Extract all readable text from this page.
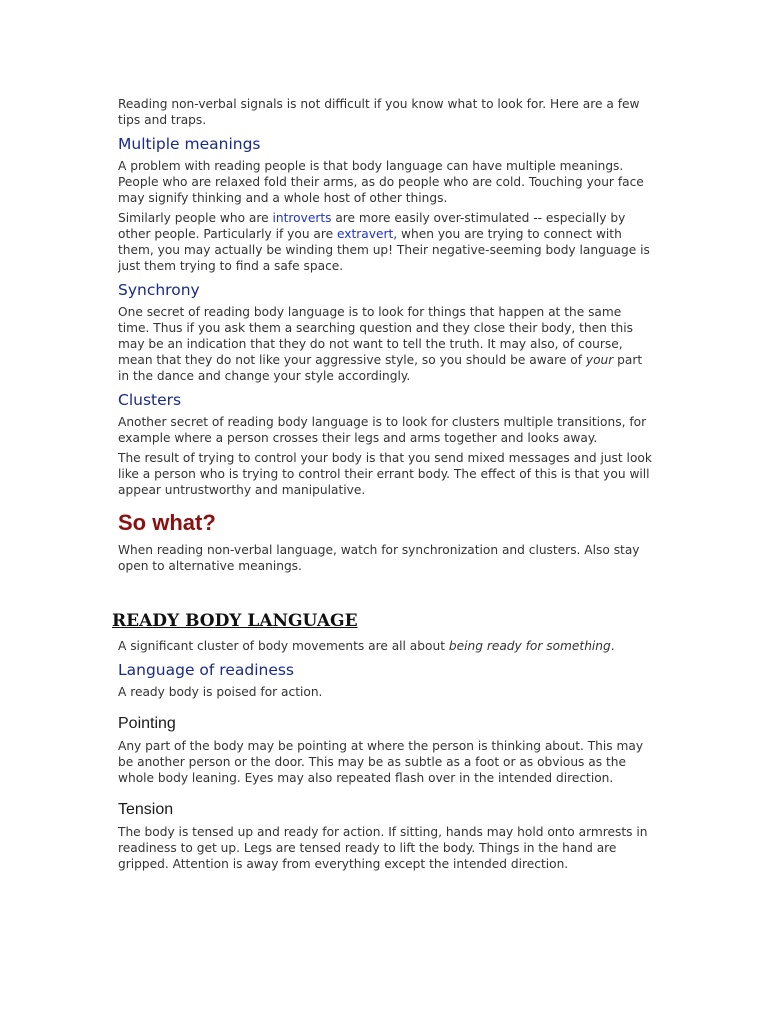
Reading non-verbal signals is not difficult if you know what to look for. Here are a few tips and traps.

Multiple meanings

A problem with reading people is that body language can have multiple meanings. People who are relaxed fold their arms, as do people who are cold. Touching your face may signify thinking and a whole host of other things.

Similarly people who are introverts are more easily over-stimulated -- especially by other people. Particularly if you are extravert, when you are trying to connect with them, you may actually be winding them up! Their negative-seeming body language is just them trying to find a safe space.

Synchrony

One secret of reading body language is to look for things that happen at the same time. Thus if you ask them a searching question and they close their body, then this may be an indication that they do not want to tell the truth. It may also, of course, mean that they do not like your aggressive style, so you should be aware of your part in the dance and change your style accordingly.

Clusters

Another secret of reading body language is to look for clusters multiple transitions, for example where a person crosses their legs and arms together and looks away.

The result of trying to control your body is that you send mixed messages and just look like a person who is trying to control their errant body. The effect of this is that you will appear untrustworthy and manipulative.

So what?

When reading non-verbal language, watch for synchronization and clusters. Also stay open to alternative meanings.

READY BODY LANGUAGE

A significant cluster of body movements are all about being ready for something.

Language of readiness

A ready body is poised for action.

Pointing

Any part of the body may be pointing at where the person is thinking about. This may be another person or the door. This may be as subtle as a foot or as obvious as the whole body leaning. Eyes may also repeated flash over in the intended direction.

Tension

The body is tensed up and ready for action. If sitting, hands may hold onto armrests in readiness to get up. Legs are tensed ready to lift the body. Things in the hand are gripped. Attention is away from everything except the intended direction.
